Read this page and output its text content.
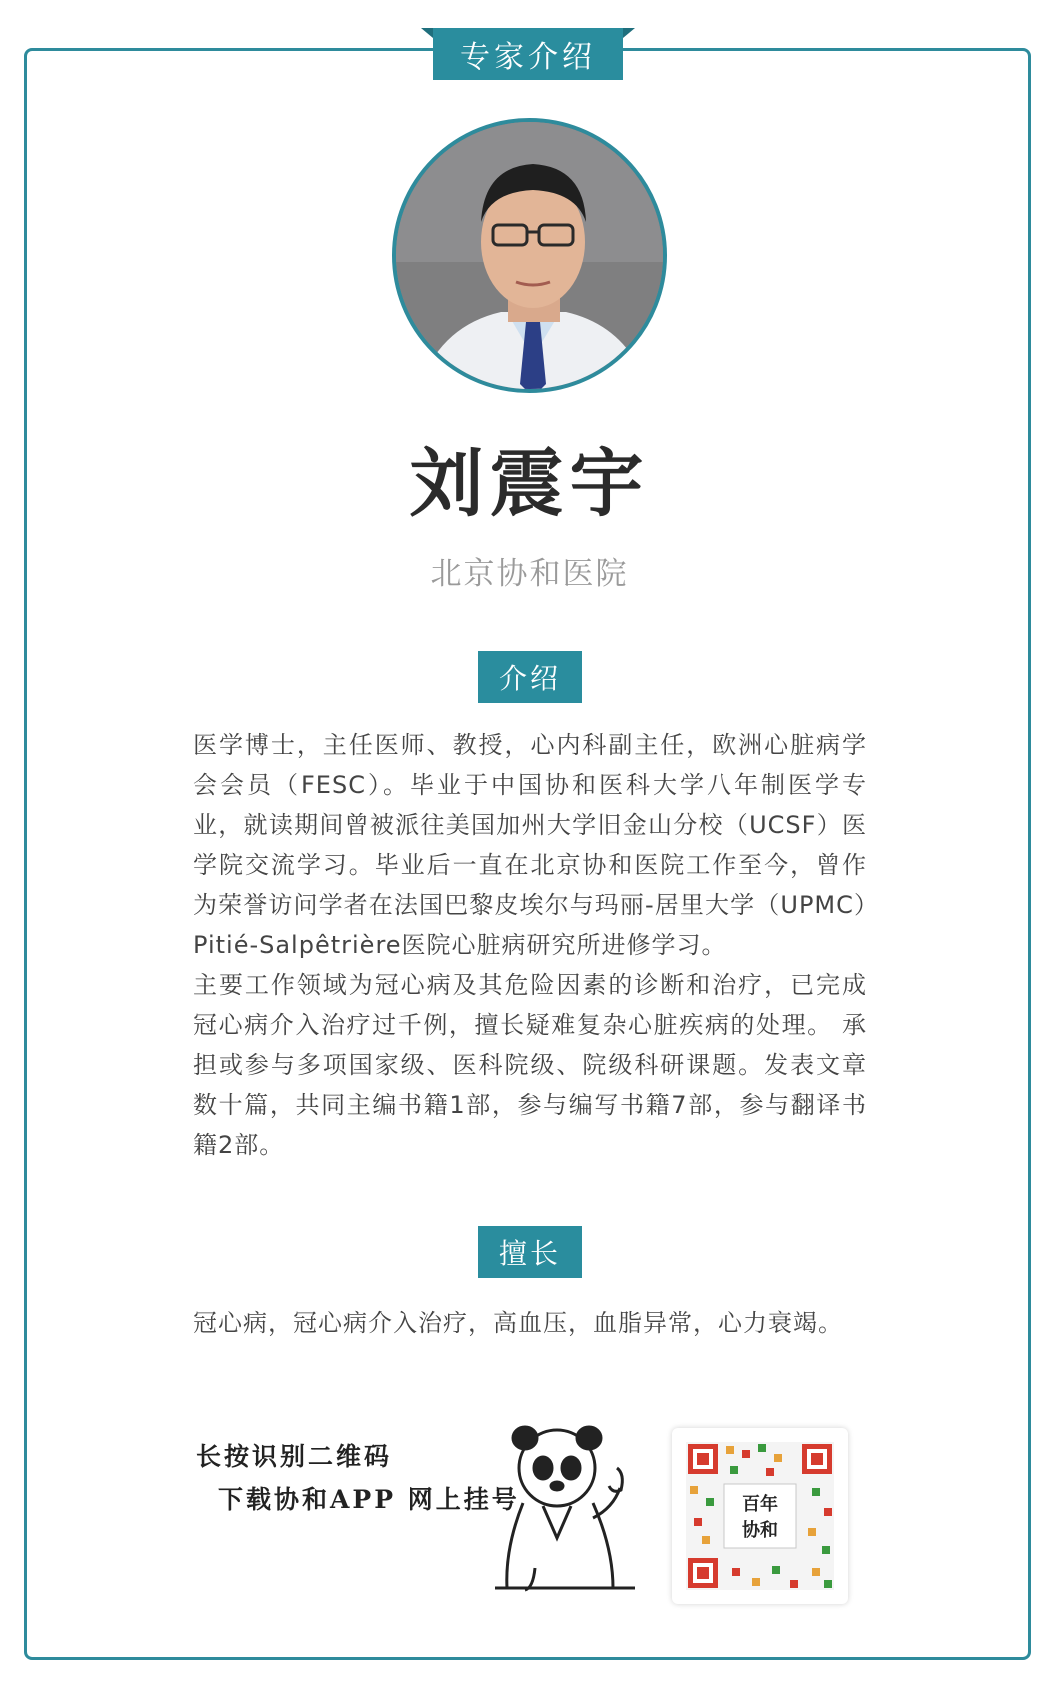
专家介绍
刘震宇
北京协和医院
介绍

医学博士，主任医师、教授，心内科副主任，欧洲心脏病学会会员（FESC）。毕业于中国协和医科大学八年制医学专业，就读期间曾被派往美国加州大学旧金山分校（UCSF）医学院交流学习。毕业后一直在北京协和医院工作至今，曾作为荣誉访问学者在法国巴黎皮埃尔与玛丽-居里大学（UPMC）Pitié-Salpêtrière医院心脏病研究所进修学习。

主要工作领域为冠心病及其危险因素的诊断和治疗，已完成冠心病介入治疗过千例，擅长疑难复杂心脏疾病的处理。 承担或参与多项国家级、医科院级、院级科研课题。发表文章数十篇，共同主编书籍1部，参与编写书籍7部，参与翻译书籍2部。

擅长
冠心病，冠心病介入治疗，高血压，血脂异常，心力衰竭。
长按识别二维码
下载协和APP 网上挂号	百年
协和
